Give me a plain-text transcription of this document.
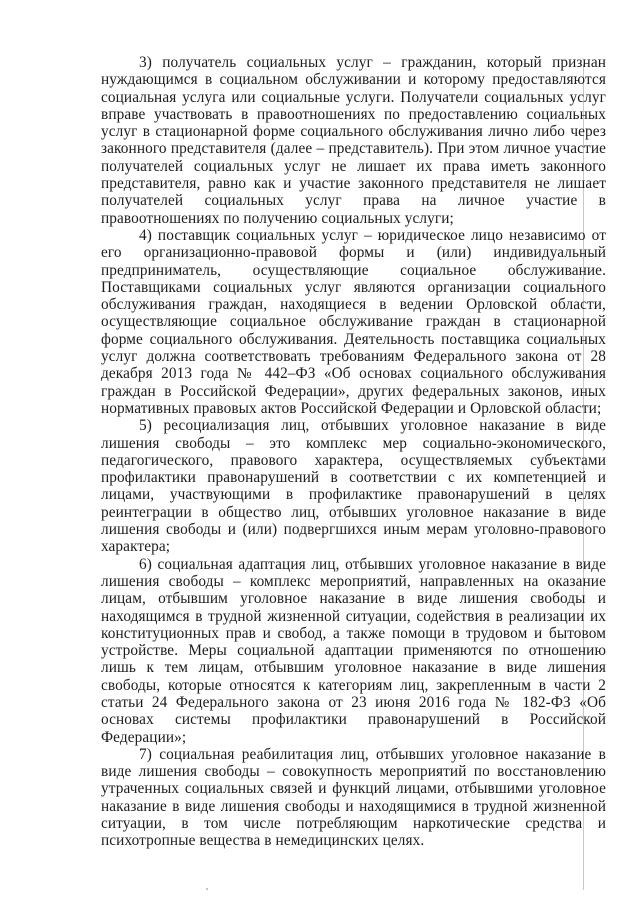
3) получатель социальных услуг – гражданин, который признан нуждающимся в социальном обслуживании и которому предоставляются социальная услуга или социальные услуги. Получатели социальных услуг вправе участвовать в правоотношениях по предоставлению социальных услуг в стационарной форме социального обслуживания лично либо через законного представителя (далее – представитель). При этом личное участие получателей социальных услуг не лишает их права иметь законного представителя, равно как и участие законного представителя не лишает получателей социальных услуг права на личное участие в правоотношениях по получению социальных услуги;

4) поставщик социальных услуг – юридическое лицо независимо от его организационно-правовой формы и (или) индивидуальный предприниматель, осуществляющие социальное обслуживание. Поставщиками социальных услуг являются организации социального обслуживания граждан, находящиеся в ведении Орловской области, осуществляющие социальное обслуживание граждан в стационарной форме социального обслуживания. Деятельность поставщика социальных услуг должна соответствовать требованиям Федерального закона от 28 декабря 2013 года № 442–ФЗ «Об основах социального обслуживания граждан в Российской Федерации», других федеральных законов, иных нормативных правовых актов Российской Федерации и Орловской области;

5) ресоциализация лиц, отбывших уголовное наказание в виде лишения свободы – это комплекс мер социально-экономического, педагогического, правового характера, осуществляемых субъектами профилактики правонарушений в соответствии с их компетенцией и лицами, участвующими в профилактике правонарушений в целях реинтеграции в общество лиц, отбывших уголовное наказание в виде лишения свободы и (или) подвергшихся иным мерам уголовно-правового характера;

6) социальная адаптация лиц, отбывших уголовное наказание в виде лишения свободы – комплекс мероприятий, направленных на оказание лицам, отбывшим уголовное наказание в виде лишения свободы и находящимся в трудной жизненной ситуации, содействия в реализации их конституционных прав и свобод, а также помощи в трудовом и бытовом устройстве. Меры социальной адаптации применяются по отношению лишь к тем лицам, отбывшим уголовное наказание в виде лишения свободы, которые относятся к категориям лиц, закрепленным в части 2 статьи 24 Федерального закона от 23 июня 2016 года № 182-ФЗ «Об основах системы профилактики правонарушений в Российской Федерации»;

7) социальная реабилитация лиц, отбывших уголовное наказание в виде лишения свободы – совокупность мероприятий по восстановлению утраченных социальных связей и функций лицами, отбывшими уголовное наказание в виде лишения свободы и находящимися в трудной жизненной ситуации, в том числе потребляющим наркотические средства и психотропные вещества в немедицинских целях.
